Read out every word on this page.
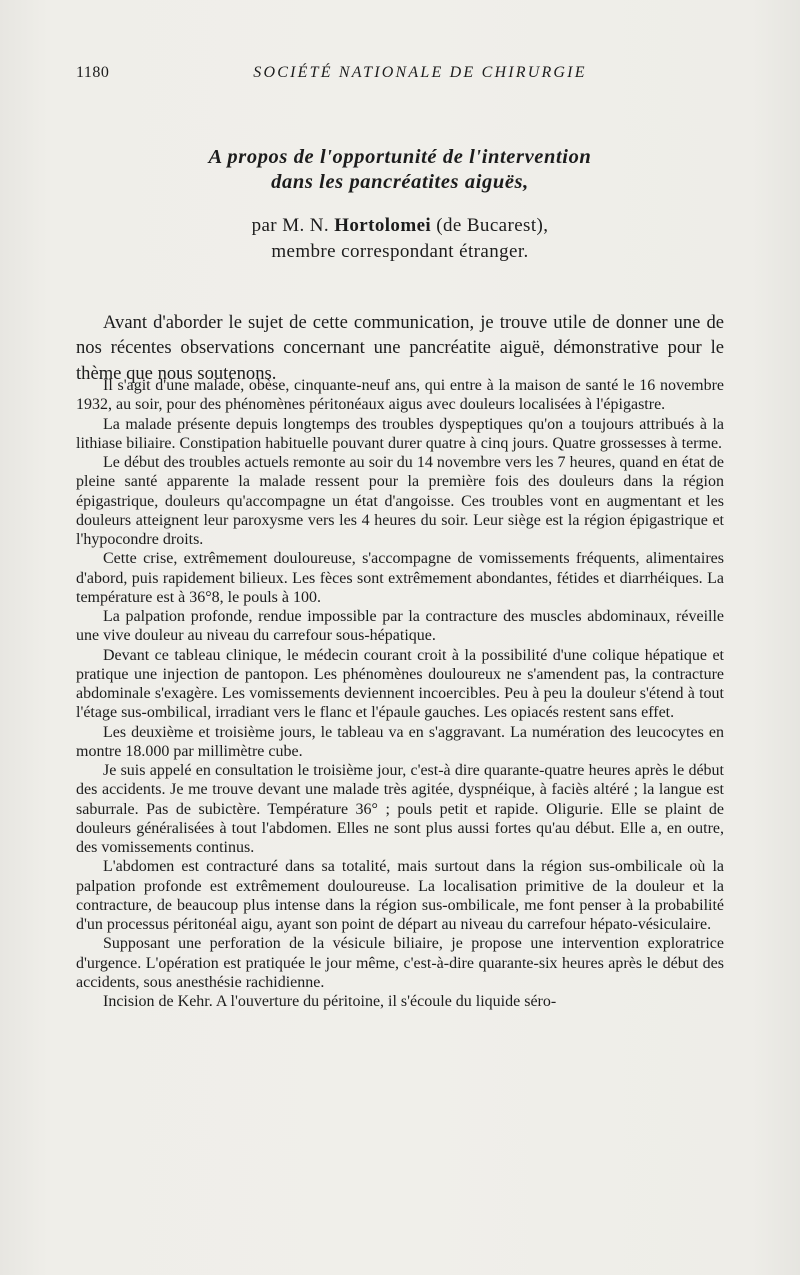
1180	SOCIÉTÉ NATIONALE DE CHIRURGIE
A propos de l'opportunité de l'intervention
dans les pancréatites aiguës,
par M. N. Hortolomei (de Bucarest),
membre correspondant étranger.

Avant d'aborder le sujet de cette communication, je trouve utile de donner une de nos récentes observations concernant une pancréatite aiguë, démonstrative pour le thème que nous soutenons.

Il s'agit d'une malade, obèse, cinquante-neuf ans, qui entre à la maison de santé le 16 novembre 1932, au soir, pour des phénomènes péritonéaux aigus avec douleurs localisées à l'épigastre.

La malade présente depuis longtemps des troubles dyspeptiques qu'on a toujours attribués à la lithiase biliaire. Constipation habituelle pouvant durer quatre à cinq jours. Quatre grossesses à terme.

Le début des troubles actuels remonte au soir du 14 novembre vers les 7 heures, quand en état de pleine santé apparente la malade ressent pour la première fois des douleurs dans la région épigastrique, douleurs qu'accompagne un état d'angoisse. Ces troubles vont en augmentant et les douleurs atteignent leur paroxysme vers les 4 heures du soir. Leur siège est la région épigastrique et l'hypocondre droits.

Cette crise, extrêmement douloureuse, s'accompagne de vomissements fréquents, alimentaires d'abord, puis rapidement bilieux. Les fèces sont extrêmement abondantes, fétides et diarrhéiques. La température est à 36°8, le pouls à 100.

La palpation profonde, rendue impossible par la contracture des muscles abdominaux, réveille une vive douleur au niveau du carrefour sous-hépatique.

Devant ce tableau clinique, le médecin courant croit à la possibilité d'une colique hépatique et pratique une injection de pantopon. Les phénomènes douloureux ne s'amendent pas, la contracture abdominale s'exagère. Les vomissements deviennent incoercibles. Peu à peu la douleur s'étend à tout l'étage sus-ombilical, irradiant vers le flanc et l'épaule gauches. Les opiacés restent sans effet.

Les deuxième et troisième jours, le tableau va en s'aggravant. La numération des leucocytes en montre 18.000 par millimètre cube.

Je suis appelé en consultation le troisième jour, c'est-à dire quarante-quatre heures après le début des accidents. Je me trouve devant une malade très agitée, dyspnéique, à faciès altéré ; la langue est saburrale. Pas de subictère. Température 36° ; pouls petit et rapide. Oligurie. Elle se plaint de douleurs généralisées à tout l'abdomen. Elles ne sont plus aussi fortes qu'au début. Elle a, en outre, des vomissements continus.

L'abdomen est contracturé dans sa totalité, mais surtout dans la région sus-ombilicale où la palpation profonde est extrêmement douloureuse. La localisation primitive de la douleur et la contracture, de beaucoup plus intense dans la région sus-ombilicale, me font penser à la probabilité d'un processus péritonéal aigu, ayant son point de départ au niveau du carrefour hépato-vésiculaire.

Supposant une perforation de la vésicule biliaire, je propose une intervention exploratrice d'urgence. L'opération est pratiquée le jour même, c'est-à-dire quarante-six heures après le début des accidents, sous anesthésie rachidienne.

Incision de Kehr. A l'ouverture du péritoine, il s'écoule du liquide séro-
